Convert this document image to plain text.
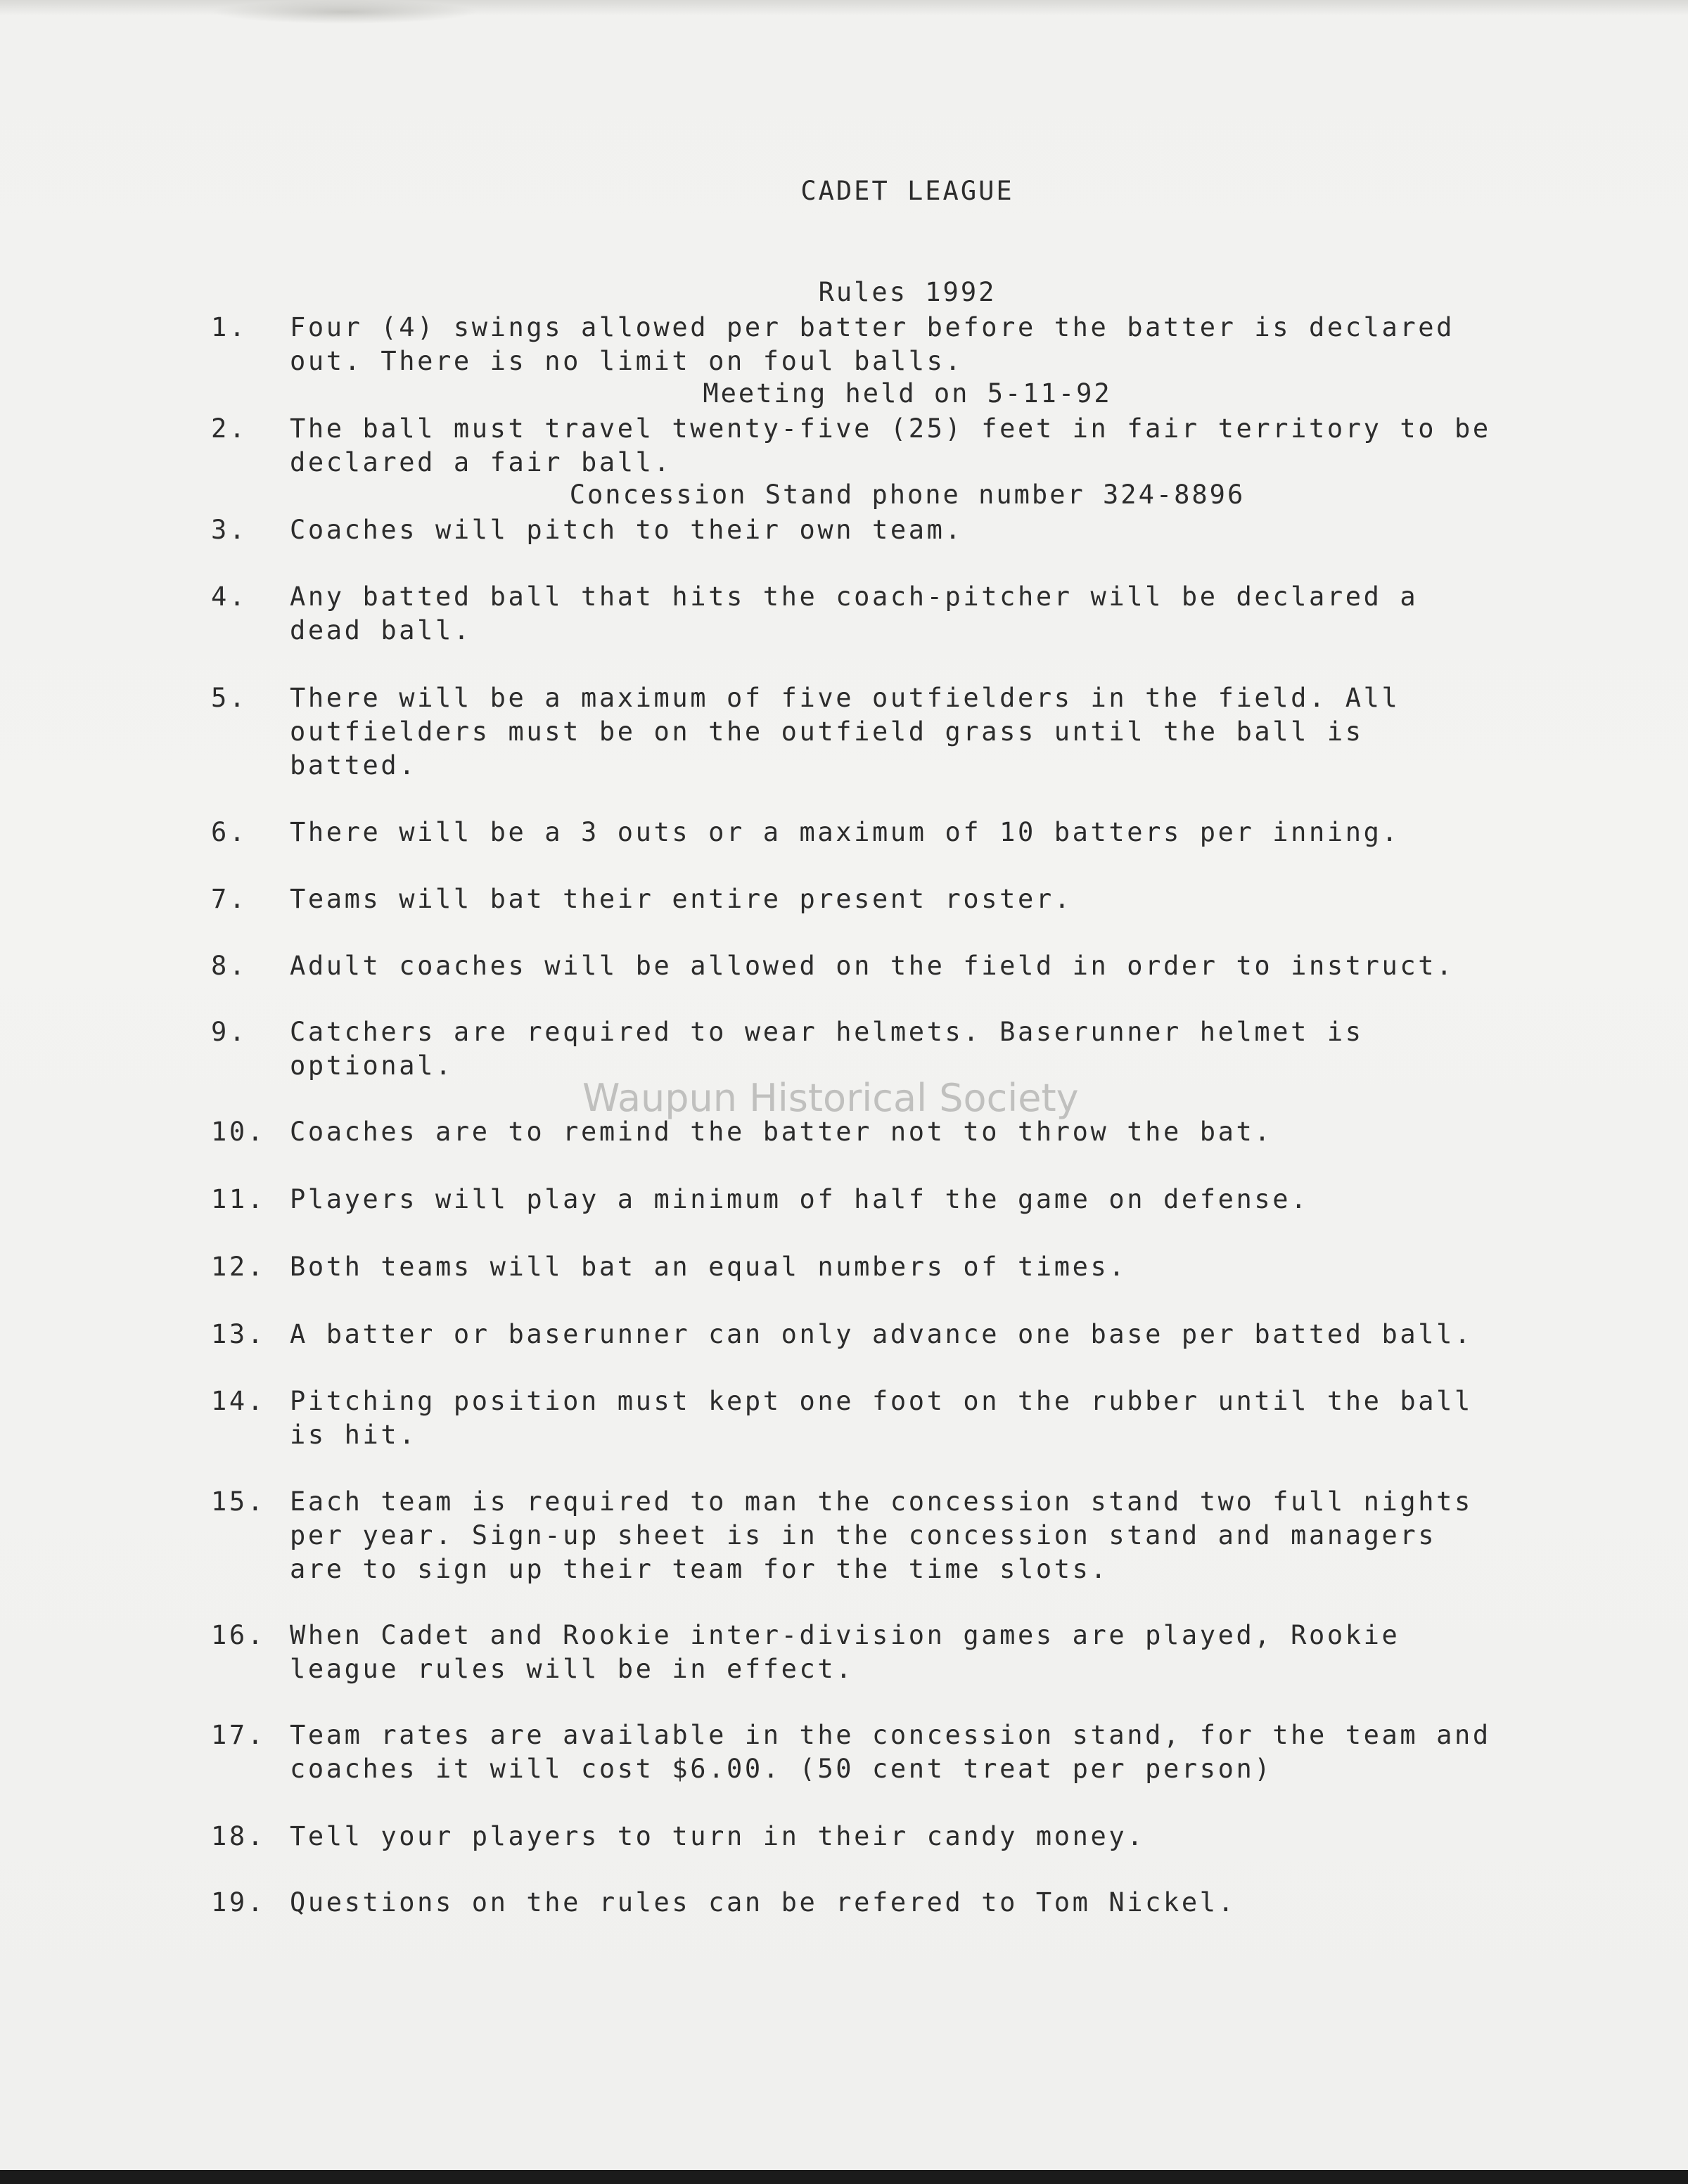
CADET LEAGUE

Rules 1992

Meeting held on 5-11-92

Concession Stand phone number 324-8896

1.	Four (4) swings allowed per batter before the batter is declared
out. There is no limit on foul balls.
2.	The ball must travel twenty-five (25) feet in fair territory to be
declared a fair ball.
3.	Coaches will pitch to their own team.
4.	Any batted ball that hits the coach-pitcher will be declared a
dead ball.
5.	There will be a maximum of five outfielders in the field. All
outfielders must be on the outfield grass until the ball is
batted.
6.	There will be a 3 outs or a maximum of 10 batters per inning.
7.	Teams will bat their entire present roster.
8.	Adult coaches will be allowed on the field in order to instruct.
9.	Catchers are required to wear helmets. Baserunner helmet is
optional.
10. Coaches are to remind the batter not to throw the bat.
11. Players will play a minimum of half the game on defense.
12. Both teams will bat an equal numbers of times.
13. A batter or baserunner can only advance one base per batted ball.
14. Pitching position must kept one foot on the rubber until the ball
is hit.
15. Each team is required to man the concession stand two full nights
per year. Sign-up sheet is in the concession stand and managers
are to sign up their team for the time slots.
16. When Cadet and Rookie inter-division games are played, Rookie
league rules will be in effect.
17. Team rates are available in the concession stand, for the team and
coaches it will cost $6.00. (50 cent treat per person)
18. Tell your players to turn in their candy money.
19. Questions on the rules can be refered to Tom Nickel.
Waupun Historical Society
